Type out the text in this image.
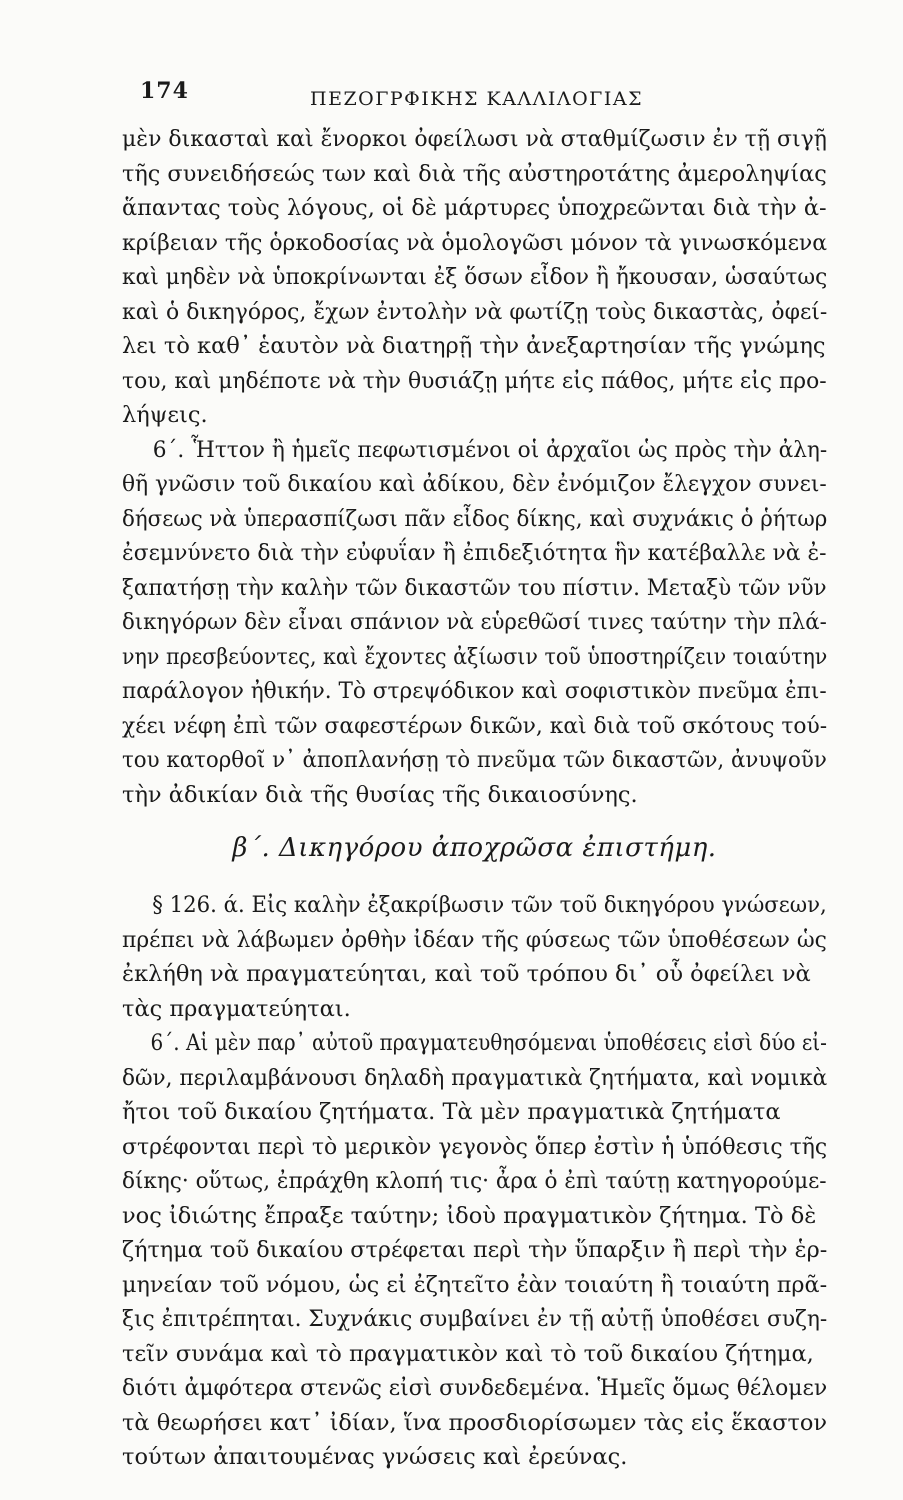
174	ΠΕΖΟΓΡΦΙΚΗΣ ΚΑΛΛΙΛΟΓΙΑΣ
μὲν δικασταὶ καὶ ἔνορκοι ὀφείλωσι νὰ σταθμίζωσιν ἐν τῇ σιγῇ
τῆς συνειδήσεώς των καὶ διὰ τῆς αὐστηροτάτης ἀμεροληψίας
ἅπαντας τοὺς λόγους, οἱ δὲ μάρτυρες ὑποχρεῶνται διὰ τὴν ἀ-
κρίβειαν τῆς ὁρκοδοσίας νὰ ὁμολογῶσι μόνον τὰ γινωσκόμενα
καὶ μηδὲν νὰ ὑποκρίνωνται ἐξ ὅσων εἶδον ἢ ἤκουσαν, ὡσαύτως
καὶ ὁ δικηγόρος, ἔχων ἐντολὴν νὰ φωτίζῃ τοὺς δικαστὰς, ὀφεί-
λει τὸ καθ᾽ ἑαυτὸν νὰ διατηρῇ τὴν ἀνεξαρτησίαν τῆς γνώμης
του, καὶ μηδέποτε νὰ τὴν θυσιάζῃ μήτε εἰς πάθος, μήτε εἰς προ-
λήψεις.
6΄. Ἧττον ἢ ἡμεῖς πεφωτισμένοι οἱ ἀρχαῖοι ὡς πρὸς τὴν ἀλη-
θῆ γνῶσιν τοῦ δικαίου καὶ ἀδίκου, δὲν ἐνόμιζον ἔλεγχον συνει-
δήσεως νὰ ὑπερασπίζωσι πᾶν εἶδος δίκης, καὶ συχνάκις ὁ ῥήτωρ
ἐσεμνύνετο διὰ τὴν εὐφυΐαν ἢ ἐπιδεξιότητα ἣν κατέβαλλε νὰ ἐ-
ξαπατήσῃ τὴν καλὴν τῶν δικαστῶν του πίστιν. Μεταξὺ τῶν νῦν
δικηγόρων δὲν εἶναι σπάνιον νὰ εὑρεθῶσί τινες ταύτην τὴν πλά-
νην πρεσβεύοντες, καὶ ἔχοντες ἀξίωσιν τοῦ ὑποστηρίζειν τοιαύτην
παράλογον ἠθικήν. Τὸ στρεψόδικον καὶ σοφιστικὸν πνεῦμα ἐπι-
χέει νέφη ἐπὶ τῶν σαφεστέρων δικῶν, καὶ διὰ τοῦ σκότους τού-
του κατορθοῖ ν᾽ ἀποπλανήσῃ τὸ πνεῦμα τῶν δικαστῶν, ἀνυψοῦν
τὴν ἀδικίαν διὰ τῆς θυσίας τῆς δικαιοσύνης.
β΄. Δικηγόρου ἀποχρῶσα ἐπιστήμη.
§ 126. ά. Εἰς καλὴν ἐξακρίβωσιν τῶν τοῦ δικηγόρου γνώσεων,
πρέπει νὰ λάβωμεν ὀρθὴν ἰδέαν τῆς φύσεως τῶν ὑποθέσεων ὡς
ἐκλήθη νὰ πραγματεύηται, καὶ τοῦ τρόπου δι᾽ οὗ ὀφείλει νὰ
τὰς πραγματεύηται.
6΄. Αἱ μὲν παρ᾽ αὐτοῦ πραγματευθησόμεναι ὑποθέσεις εἰσὶ δύο εἰ-
δῶν, περιλαμβάνουσι δηλαδὴ πραγματικὰ ζητήματα, καὶ νομικὰ
ἤτοι τοῦ δικαίου ζητήματα. Τὰ μὲν πραγματικὰ ζητήματα
στρέφονται περὶ τὸ μερικὸν γεγονὸς ὅπερ ἐστὶν ἡ ὑπόθεσις τῆς
δίκης· οὕτως, ἐπράχθη κλοπή τις· ἆρα ὁ ἐπὶ ταύτῃ κατηγορούμε-
νος ἰδιώτης ἔπραξε ταύτην; ἰδοὺ πραγματικὸν ζήτημα. Τὸ δὲ
ζήτημα τοῦ δικαίου στρέφεται περὶ τὴν ὕπαρξιν ἢ περὶ τὴν ἑρ-
μηνείαν τοῦ νόμου, ὡς εἰ ἐζητεῖτο ἐὰν τοιαύτη ἢ τοιαύτη πρᾶ-
ξις ἐπιτρέπηται. Συχνάκις συμβαίνει ἐν τῇ αὐτῇ ὑποθέσει συζη-
τεῖν συνάμα καὶ τὸ πραγματικὸν καὶ τὸ τοῦ δικαίου ζήτημα,
διότι ἀμφότερα στενῶς εἰσὶ συνδεδεμένα. Ἡμεῖς ὅμως θέλομεν
τὰ θεωρήσει κατ᾽ ἰδίαν, ἵνα προσδιορίσωμεν τὰς εἰς ἕκαστον
τούτων ἀπαιτουμένας γνώσεις καὶ ἐρεύνας.
